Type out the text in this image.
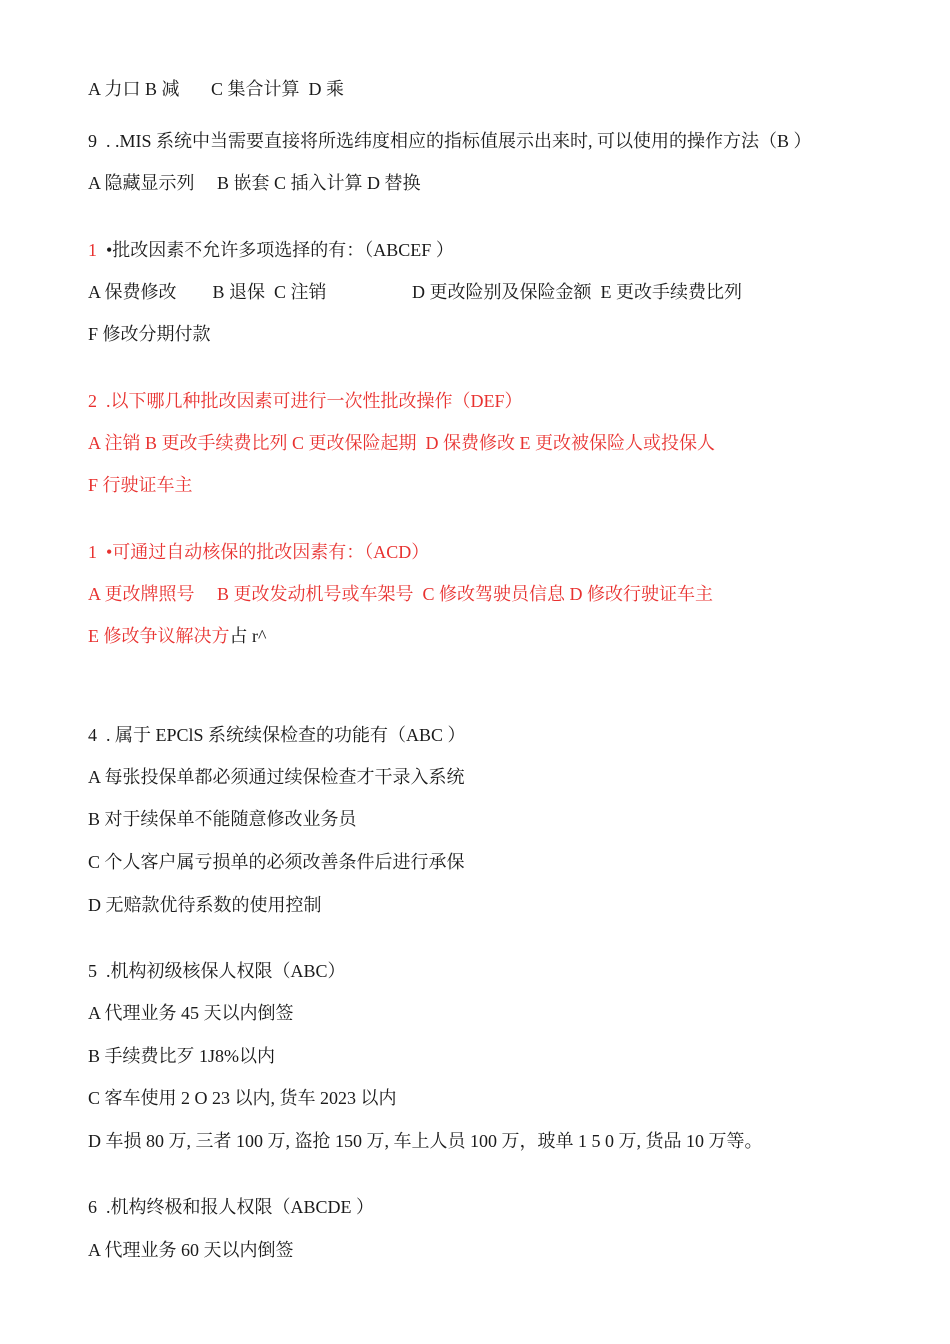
A 力口 B 减       C 集合计算  D 乘
9  . .MIS 系统中当需要直接将所选纬度相应的指标值展示出来时, 可以使用的操作方法（B ）
A 隐藏显示列     B 嵌套 C 插入计算 D 替换
1  •批改因素不允许多项选择的有：（ABCEF ）
A 保费修改        B 退保  C 注销                   D 更改险别及保险金额  E 更改手续费比列
F 修改分期付款
2  .以下哪几种批改因素可进行一次性批改操作（DEF）
A 注销 B 更改手续费比列 C 更改保险起期  D 保费修改 E 更改被保险人或投保人
F 行驶证车主
1  •可通过自动核保的批改因素有：（ACD）
A 更改牌照号     B 更改发动机号或车架号  C 修改驾驶员信息 D 修改行驶证车主
E 修改争议解决方占 r^
4  . 属于 EPClS 系统续保检查的功能有（ABC ）
A 每张投保单都必须通过续保检查才干录入系统
B 对于续保单不能随意修改业务员
C 个人客户属亏损单的必须改善条件后进行承保
D 无赔款优待系数的使用控制
5  .机构初级核保人权限（ABC）
A 代理业务 45 天以内倒签
B 手续费比歹 1J8%以内
C 客车使用 2 O 23 以内, 货车 2023 以内
D 车损 80 万, 三者 100 万, 盗抢 150 万, 车上人员 100 万，玻单 1 5 0 万, 货品 10 万等。
6  .机构终极和报人权限（ABCDE ）
A 代理业务 60 天以内倒签
